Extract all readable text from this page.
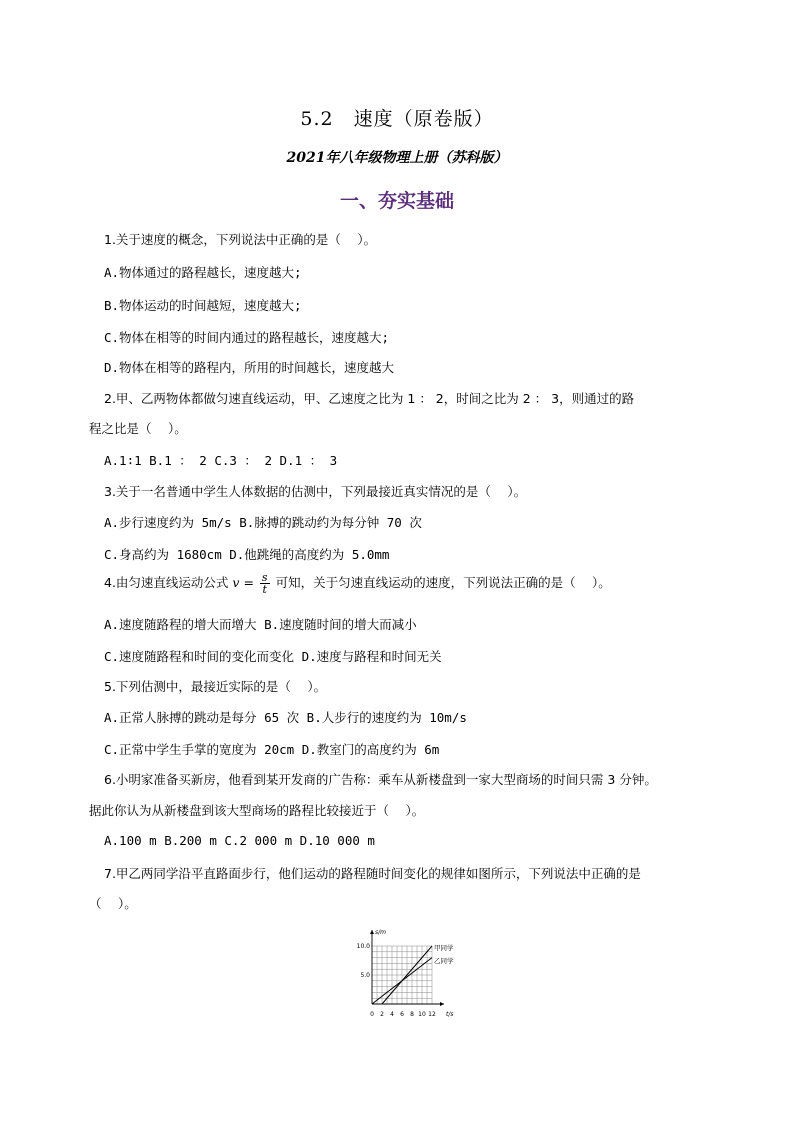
5.2　速度（原卷版）
2021年八年级物理上册（苏科版）
一、夯实基础
1.关于速度的概念，下列说法中正确的是（　 ）。
A.物体通过的路程越长，速度越大;
B.物体运动的时间越短，速度越大;
C.物体在相等的时间内通过的路程越长，速度越大;
D.物体在相等的路程内，所用的时间越长，速度越大
2.甲、乙两物体都做匀速直线运动，甲、乙速度之比为 1 ： 2，时间之比为 2 ： 3，则通过的路
程之比是（　 ）。
A.1∶1 B.1 ： 2 C.3 ： 2 D.1 ： 3
3.关于一名普通中学生人体数据的估测中，下列最接近真实情况的是（　 ）。
A.步行速度约为 5m/s B.脉搏的跳动约为每分钟 70 次
C.身高约为 1680cm D.他跳绳的高度约为 5.0mm
4.由匀速直线运动公式 $v = \frac{s}{t}$ 可知，关于匀速直线运动的速度，下列说法正确的是（　 ）。
A.速度随路程的增大而增大 B.速度随时间的增大而减小
C.速度随路程和时间的变化而变化 D.速度与路程和时间无关
5.下列估测中，最接近实际的是（　 ）。
A.正常人脉搏的跳动是每分 65 次 B.人步行的速度约为 10m/s
C.正常中学生手掌的宽度为 20cm D.教室门的高度约为 6m
6.小明家准备买新房，他看到某开发商的广告称：乘车从新楼盘到一家大型商场的时间只需 3 分钟。
据此你认为从新楼盘到该大型商场的路程比较接近于（　 ）。
A.100 m B.200 m C.2 000 m D.10 000 m
7.甲乙两同学沿平直路面步行，他们运动的路程随时间变化的规律如图所示，下列说法中正确的是
（　 ）。
s/m
t/s
0 2 4 6 8 10 12
5.0
10.0	甲同学
乙同学
